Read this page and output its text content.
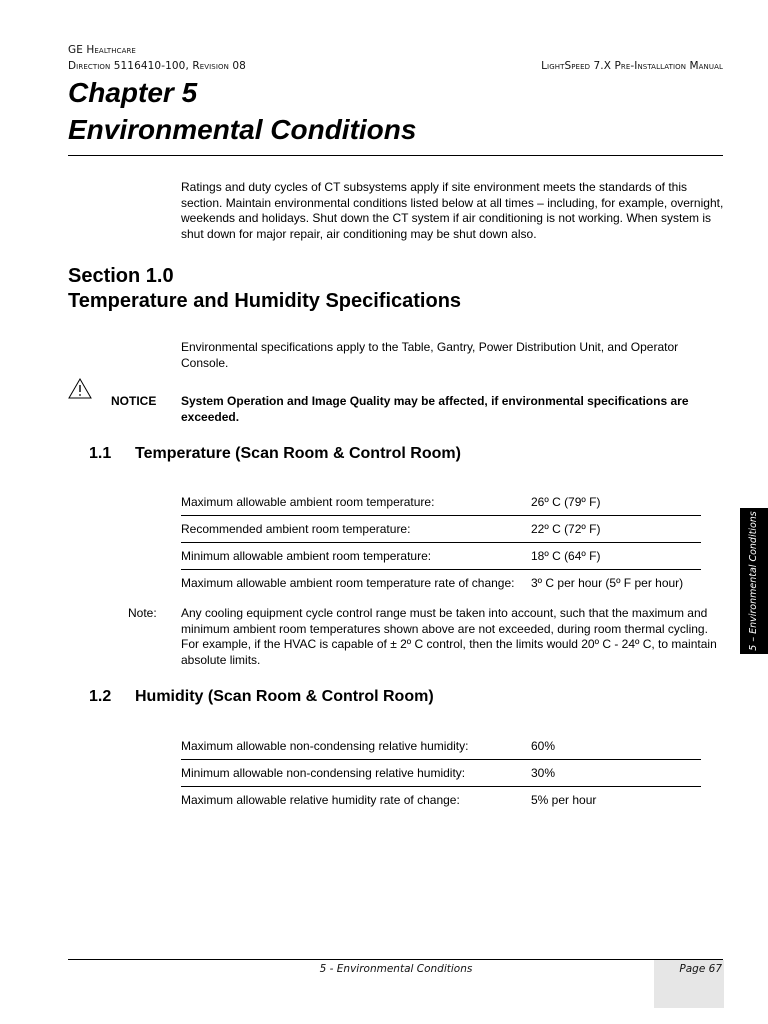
GE Healthcare
Direction 5116410-100, Revision 08	LightSpeed 7.X Pre-Installation Manual
Chapter 5
Environmental Conditions
Ratings and duty cycles of CT subsystems apply if site environment meets the standards of this section. Maintain environmental conditions listed below at all times – including, for example, overnight, weekends and holidays. Shut down the CT system if air conditioning is not working. When system is shut down for major repair, air conditioning may be shut down also.
Section 1.0
Temperature and Humidity Specifications
Environmental specifications apply to the Table, Gantry, Power Distribution Unit, and Operator Console.
NOTICE System Operation and Image Quality may be affected, if environmental specifications are exceeded.
1.1 Temperature (Scan Room & Control Room)
Maximum allowable ambient room temperature:	26º C (79º F)
Recommended ambient room temperature:	22º C (72º F)
Minimum allowable ambient room temperature:	18º C (64º F)
Maximum allowable ambient room temperature rate of change:	3º C per hour (5º F per hour)
Note: Any cooling equipment cycle control range must be taken into account, such that the maximum and minimum ambient room temperatures shown above are not exceeded, during room thermal cycling. For example, if the HVAC is capable of ± 2º C control, then the limits would 20º C - 24º C, to maintain absolute limits.
1.2 Humidity (Scan Room & Control Room)
Maximum allowable non-condensing relative humidity:	60%
Minimum allowable non-condensing relative humidity:	30%
Maximum allowable relative humidity rate of change:	5% per hour
5 – Environmental Conditions
5 - Environmental Conditions	Page 67
